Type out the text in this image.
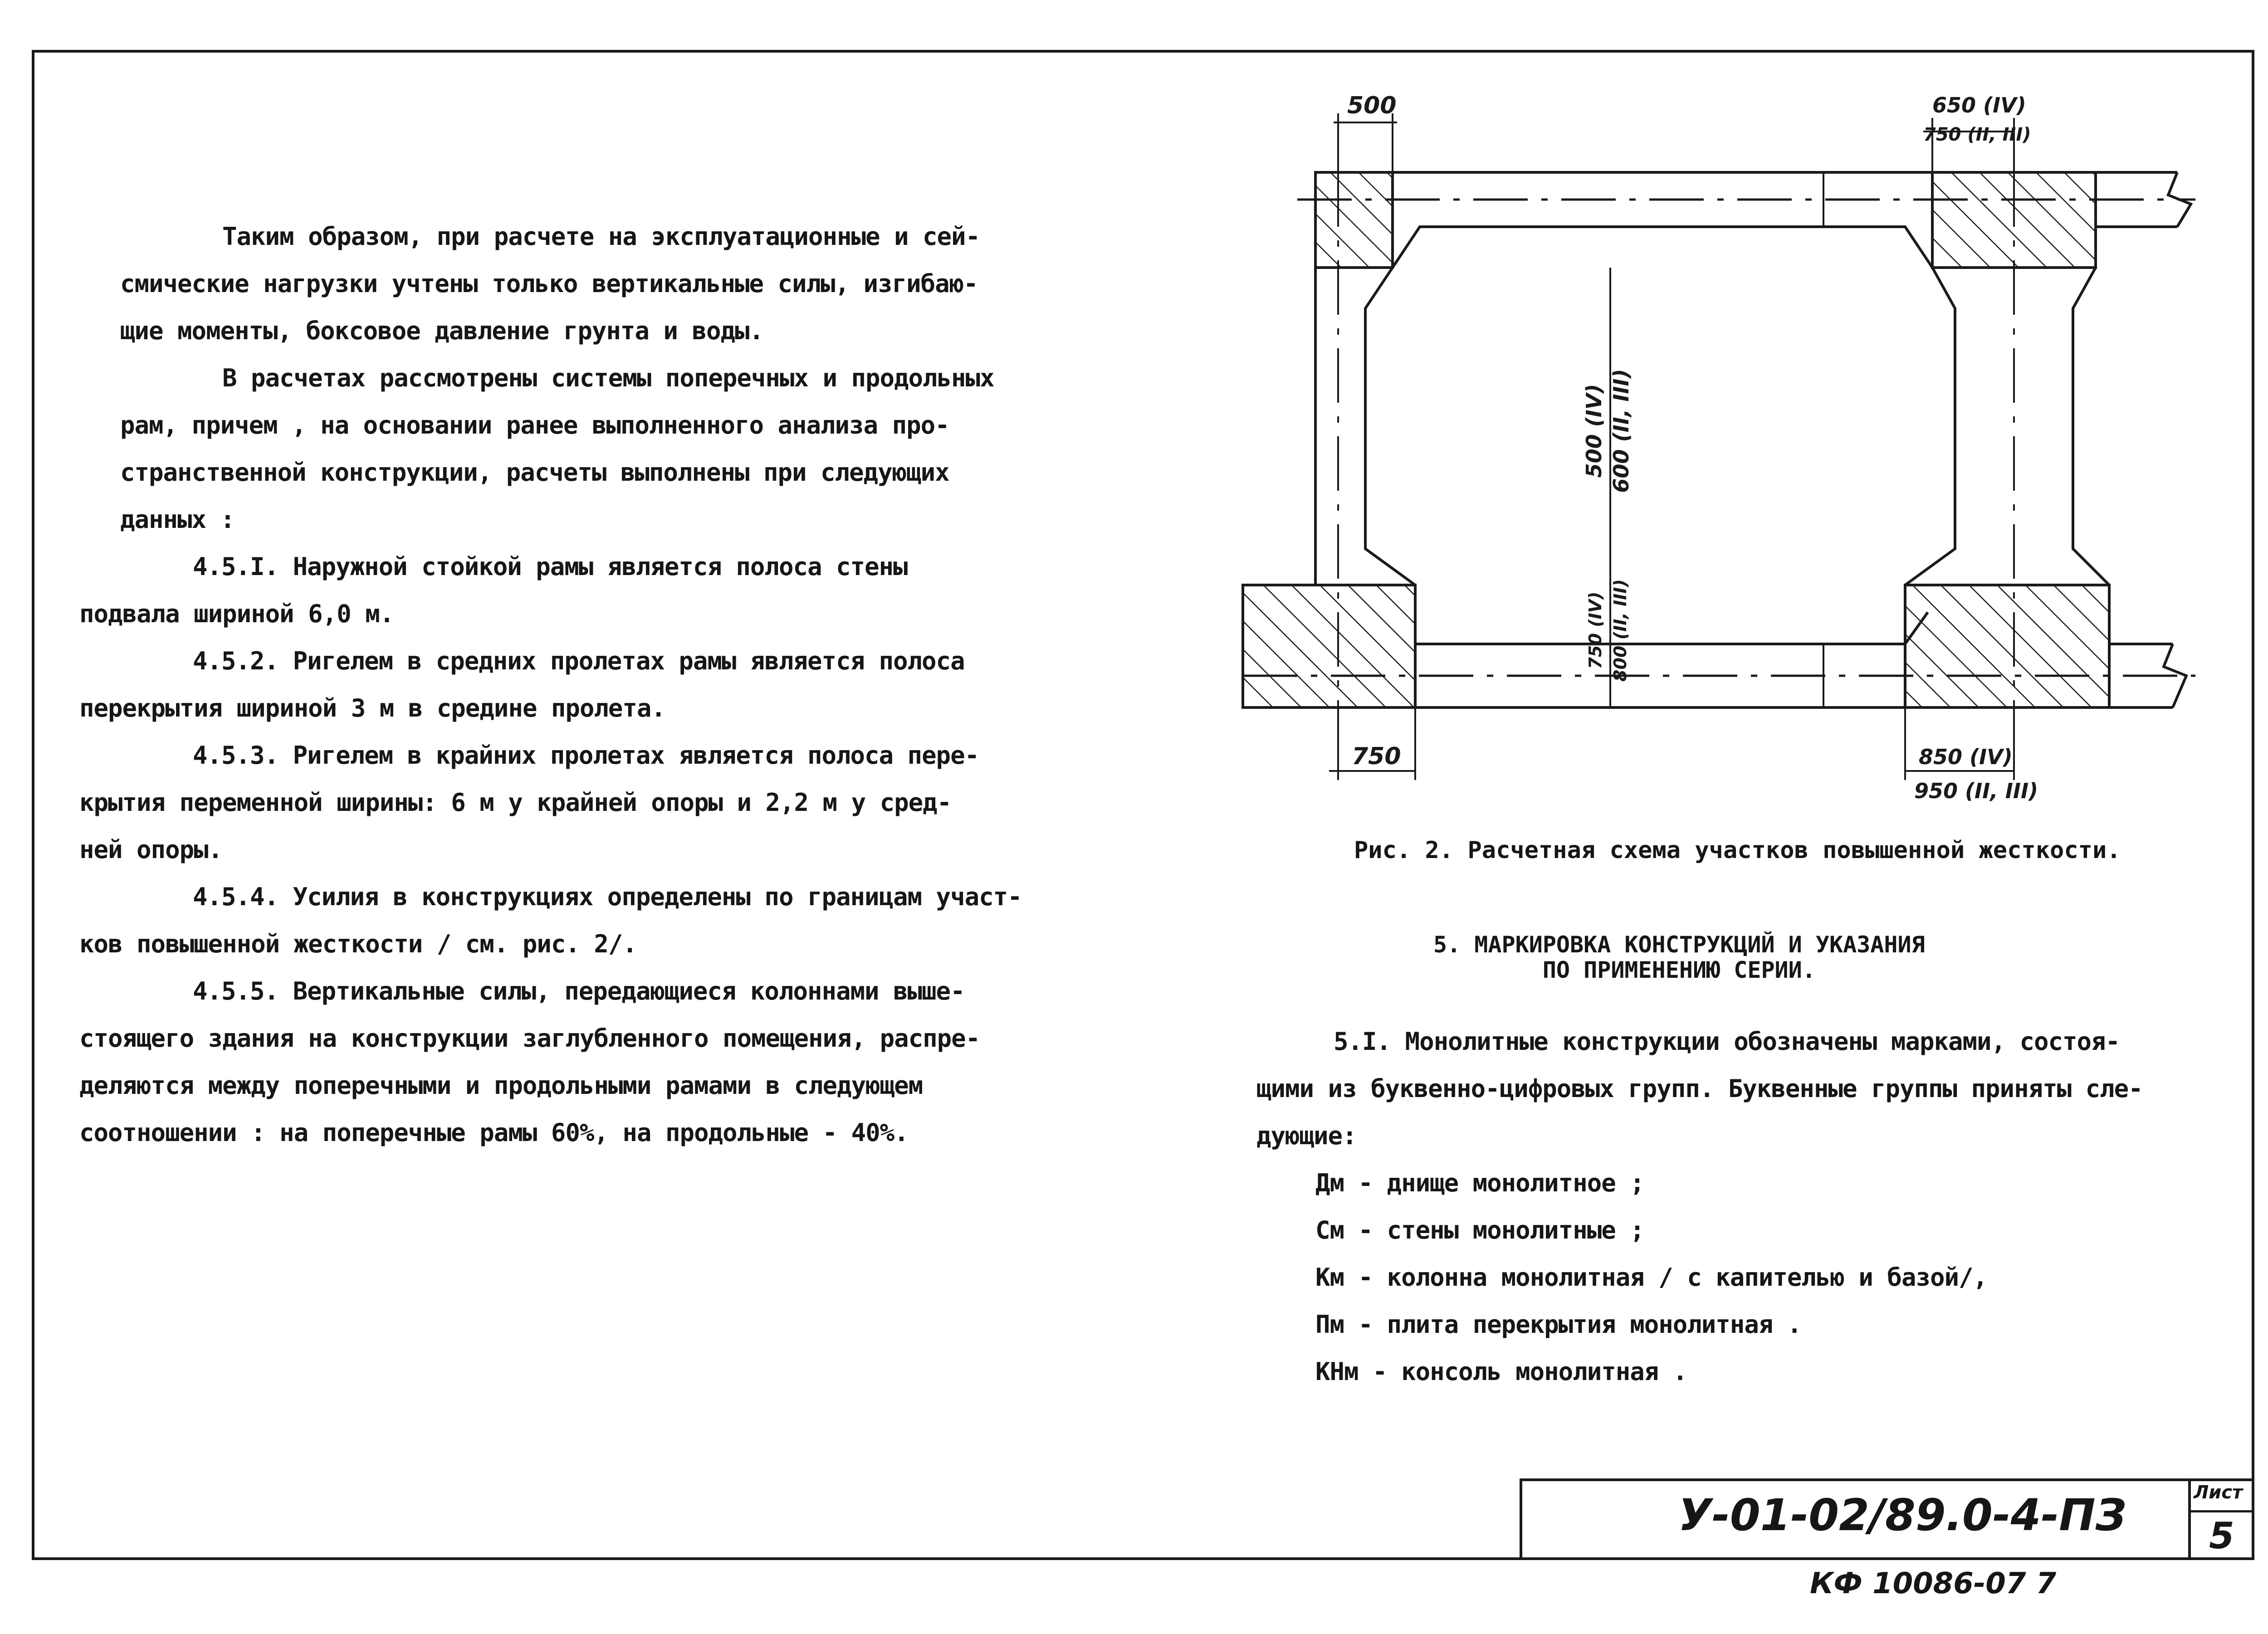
Таким образом, при расчете на эксплуатационные и сей-
смические нагрузки учтены только вертикальные силы, изгибаю-
щие моменты, боксовое давление грунта и воды.
В расчетах рассмотрены системы поперечных и продольных
рам, причем , на основании ранее выполненного анализа про-
странственной конструкции, расчеты выполнены при следующих
данных :
4.5.I. Наружной стойкой рамы является полоса стены
подвала шириной 6,0 м.
4.5.2. Ригелем в средних пролетах рамы является полоса
перекрытия шириной 3 м в средине пролета.
4.5.3. Ригелем в крайних пролетах является полоса пере-
крытия переменной ширины: 6 м у крайней опоры и 2,2 м у сред-
ней опоры.
4.5.4. Усилия в конструкциях определены по границам участ-
ков повышенной жесткости / см. рис. 2/.
4.5.5. Вертикальные силы, передающиеся колоннами выше-
стоящего здания на конструкции заглубленного помещения, распре-
деляются между поперечными и продольными рамами в следующем
соотношении : на поперечные рамы 60%, на продольные - 40%.
500	650 (IV)
750 (II, III)
500 (IV) 600 (II, III)
750 (IV) 800 (II, III)
750	850 (IV)
950 (II, III)
Рис. 2. Расчетная схема участков повышенной жесткости.
5. МАРКИРОВКА КОНСТРУКЦИЙ И УКАЗАНИЯ
ПО ПРИМЕНЕНИЮ СЕРИИ.
5.I. Монолитные конструкции обозначены марками, состоя-
щими из буквенно-цифровых групп. Буквенные группы приняты сле-
дующие:
Дм - днище монолитное ;
См - стены монолитные ;
Км - колонна монолитная / с капителью и базой/,
Пм - плита перекрытия монолитная .
КНм - консоль монолитная .
У-01-02/89.0-4-ПЗ	Лист
5
КФ 10086-07 7
